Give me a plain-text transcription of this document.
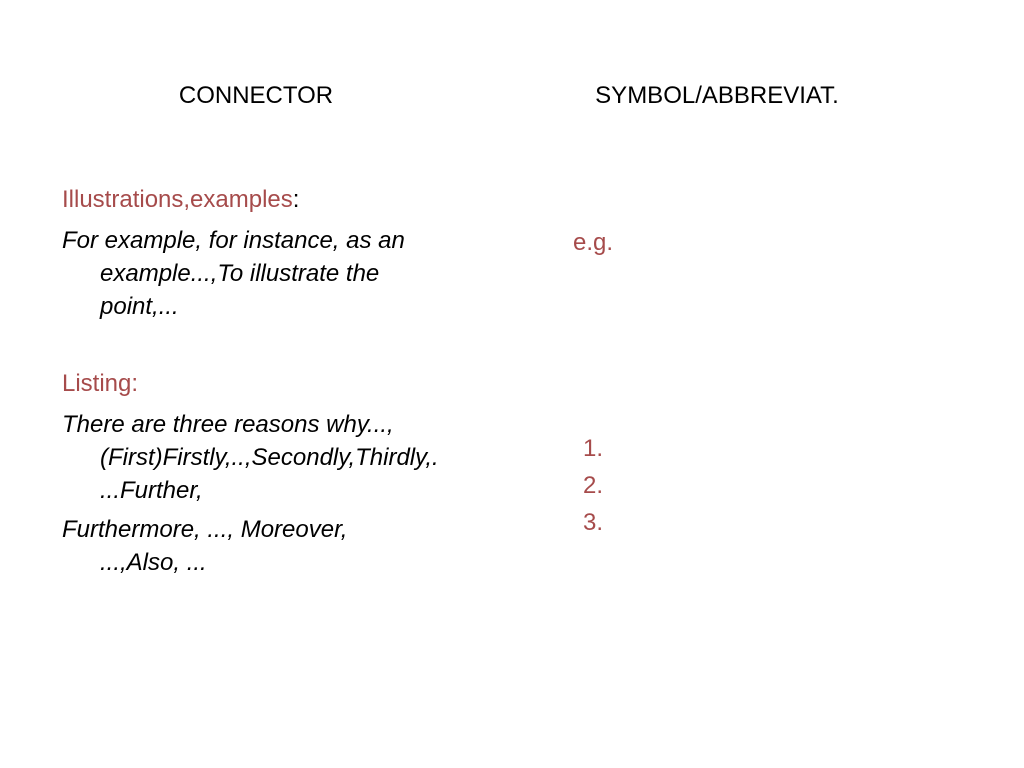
CONNECTOR	SYMBOL/ABBREVIAT.

Illustrations,examples:

For example, for instance, as an
example...,To illustrate the
point,...

Listing:

There are three reasons why...,
(First)Firstly,..,Secondly,Thirdly,.
...Further,

Furthermore, ..., Moreover,
...,Also, ...

e.g.
1.
2.
3.
